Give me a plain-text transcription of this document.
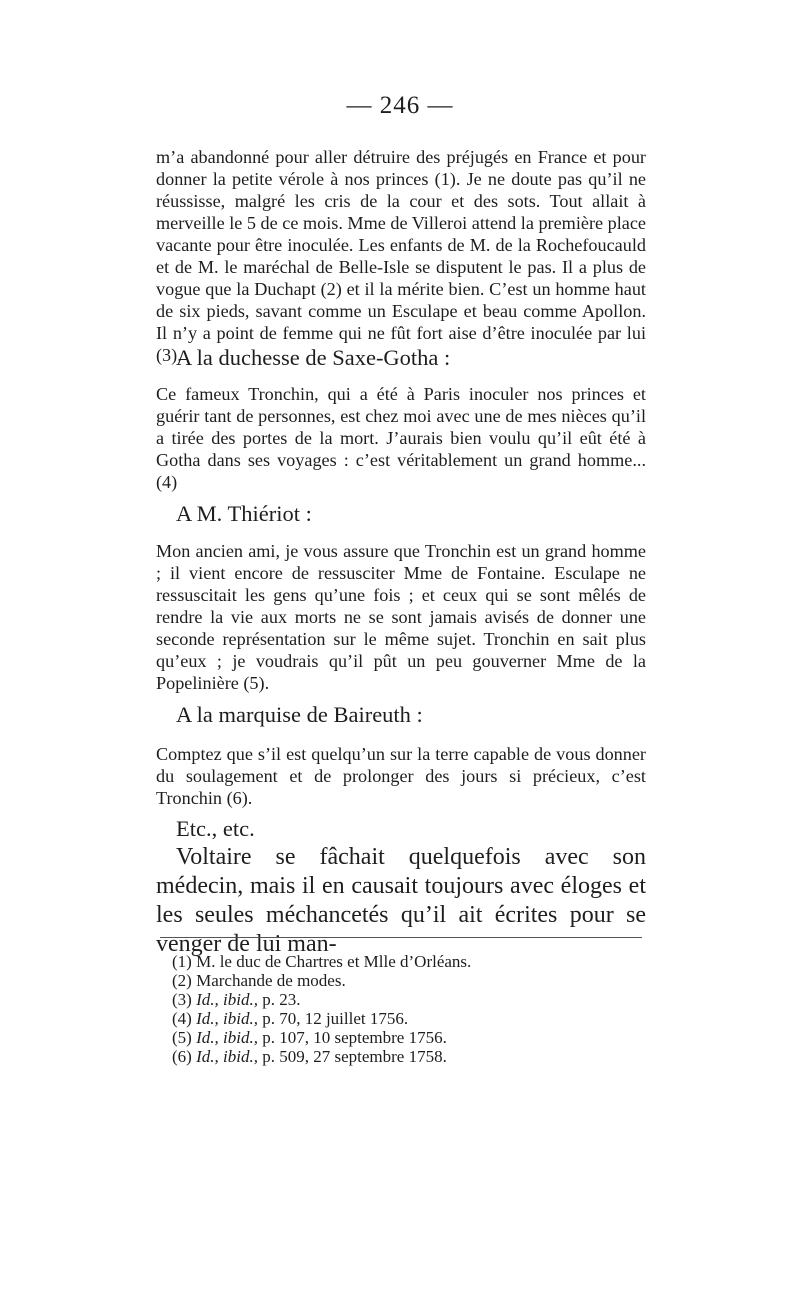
— 246 —

m’a abandonné pour aller détruire des préjugés en France et pour donner la petite vérole à nos princes (1). Je ne doute pas qu’il ne réussisse, malgré les cris de la cour et des sots. Tout allait à merveille le 5 de ce mois. Mme de Villeroi attend la première place vacante pour être inoculée. Les enfants de M. de la Rochefoucauld et de M. le maréchal de Belle-Isle se disputent le pas. Il a plus de vogue que la Duchapt (2) et il la mérite bien. C’est un homme haut de six pieds, savant comme un Esculape et beau comme Apollon. Il n’y a point de femme qui ne fût fort aise d’être inoculée par lui (3).

A la duchesse de Saxe-Gotha :

Ce fameux Tronchin, qui a été à Paris inoculer nos princes et guérir tant de personnes, est chez moi avec une de mes nièces qu’il a tirée des portes de la mort. J’aurais bien voulu qu’il eût été à Gotha dans ses voyages : c’est véritablement un grand homme... (4)

A M. Thiériot :

Mon ancien ami, je vous assure que Tronchin est un grand homme ; il vient encore de ressusciter Mme de Fontaine. Esculape ne ressuscitait les gens qu’une fois ; et ceux qui se sont mêlés de rendre la vie aux morts ne se sont jamais avisés de donner une seconde représentation sur le même sujet. Tronchin en sait plus qu’eux ; je voudrais qu’il pût un peu gouverner Mme de la Popelinière (5).

A la marquise de Baireuth :

Comptez que s’il est quelqu’un sur la terre capable de vous donner du soulagement et de prolonger des jours si précieux, c’est Tronchin (6).

Etc., etc.

Voltaire se fâchait quelquefois avec son médecin, mais il en causait toujours avec éloges et les seules méchancetés qu’il ait écrites pour se venger de lui man-

(1) M. le duc de Chartres et Mlle d’Orléans.
(2) Marchande de modes.
(3) Id., ibid., p. 23.
(4) Id., ibid., p. 70, 12 juillet 1756.
(5) Id., ibid., p. 107, 10 septembre 1756.
(6) Id., ibid., p. 509, 27 septembre 1758.
